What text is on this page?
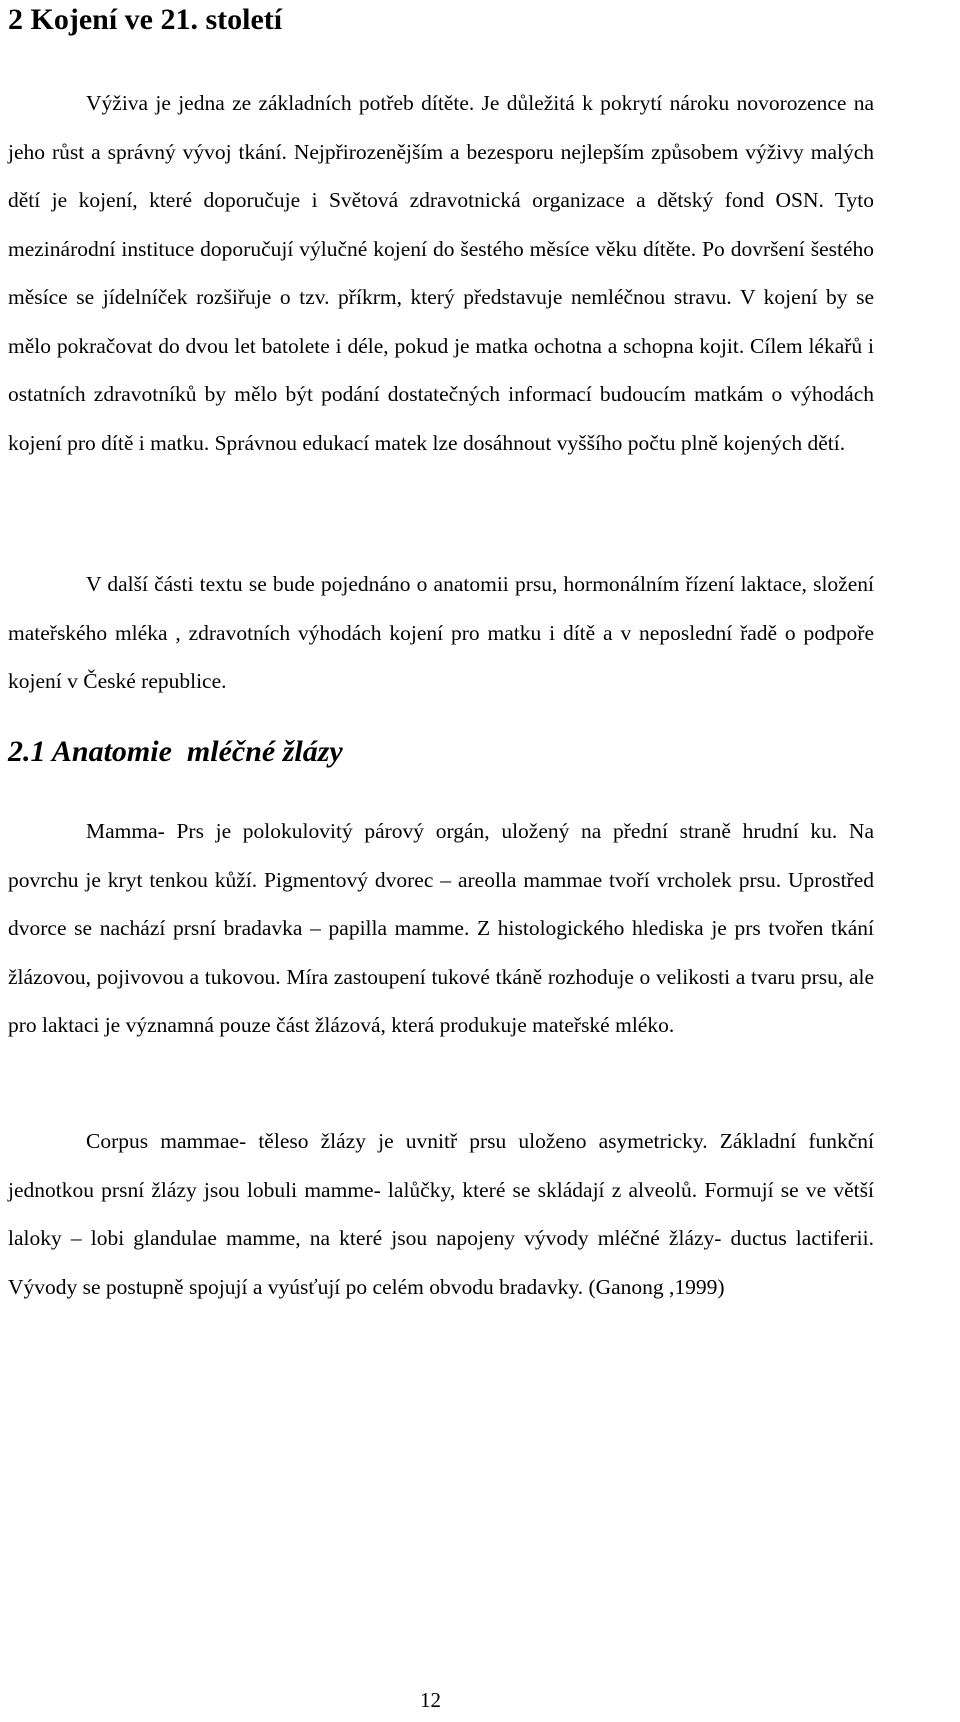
2 Kojení ve 21. století

Výživa je jedna ze základních potřeb dítěte. Je důležitá k pokrytí nároku novorozence na jeho růst a správný vývoj tkání. Nejpřirozenějším a bezesporu nejlepším způsobem výživy malých dětí je kojení, které doporučuje i Světová zdravotnická organizace a dětský fond OSN. Tyto mezinárodní instituce doporučují výlučné kojení do šestého měsíce věku dítěte. Po dovršení šestého měsíce se jídelníček rozšiřuje o tzv. příkrm, který představuje nemléčnou stravu. V kojení by se mělo pokračovat do dvou let batolete i déle, pokud je matka ochotna a schopna kojit. Cílem lékařů i ostatních zdravotníků by mělo být podání dostatečných informací budoucím matkám o výhodách kojení pro dítě i matku. Správnou edukací matek lze dosáhnout vyššího počtu plně kojených dětí.

V další části textu se bude pojednáno o anatomii prsu, hormonálním řízení laktace, složení mateřského mléka , zdravotních výhodách kojení pro matku i dítě a v neposlední řadě o podpoře kojení v České republice.

2.1 Anatomie  mléčné žlázy

Mamma- Prs je polokulovitý párový orgán, uložený na přední straně hrudní ku. Na povrchu je kryt tenkou kůží. Pigmentový dvorec – areolla mammae tvoří vrcholek prsu. Uprostřed dvorce se nachází prsní bradavka – papilla mamme. Z histologického hlediska je prs tvořen tkání žlázovou, pojivovou a tukovou. Míra zastoupení tukové tkáně rozhoduje o velikosti a tvaru prsu, ale pro laktaci je významná pouze část žlázová, která produkuje mateřské mléko.

Corpus mammae- těleso žlázy je uvnitř prsu uloženo asymetricky. Základní funkční jednotkou prsní žlázy jsou lobuli mamme- lalůčky, které se skládají z alveolů. Formují se ve větší laloky – lobi glandulae mamme, na které jsou napojeny vývody mléčné žlázy- ductus lactiferii. Vývody se postupně spojují a vyúsťují po celém obvodu bradavky. (Ganong ,1999)

12
